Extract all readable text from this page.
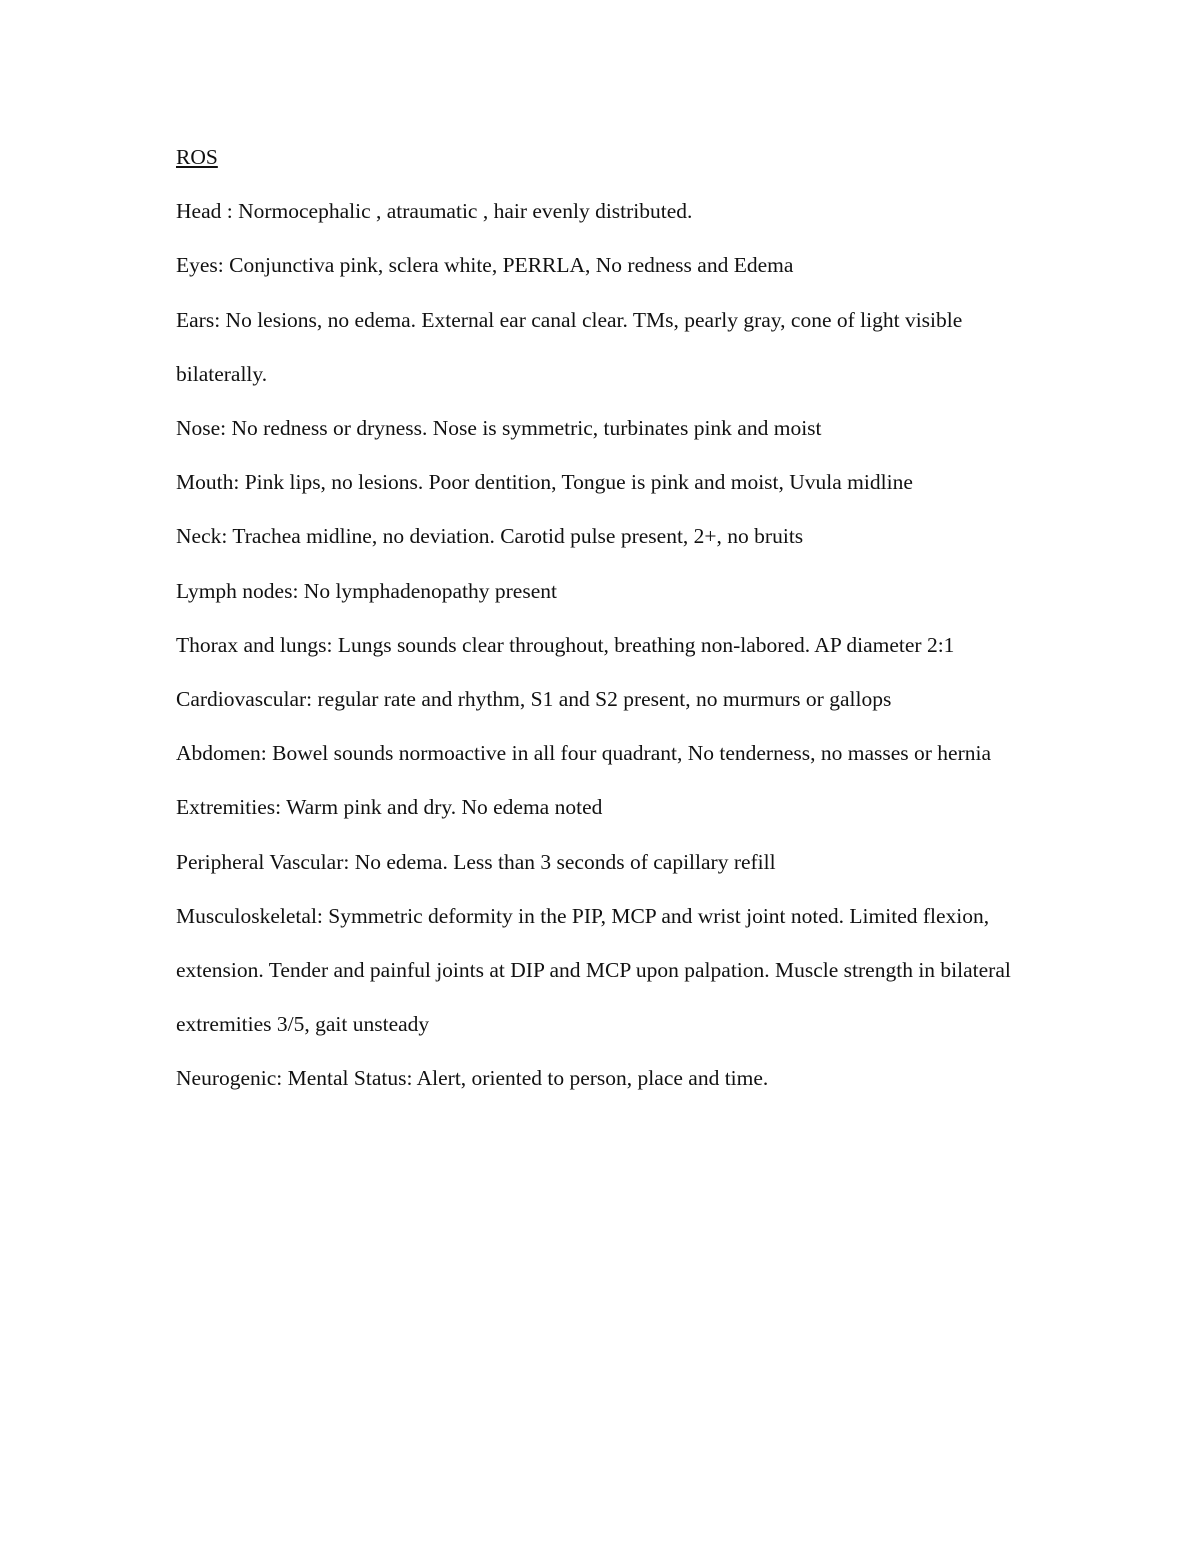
ROS

Head : Normocephalic , atraumatic , hair evenly distributed.

Eyes: Conjunctiva pink, sclera white, PERRLA, No redness and Edema

Ears: No lesions, no edema. External ear canal clear. TMs, pearly gray, cone of light visible bilaterally.

Nose: No redness or dryness. Nose is symmetric, turbinates pink and moist

Mouth: Pink lips, no lesions. Poor dentition, Tongue is pink and moist, Uvula midline

Neck: Trachea midline, no deviation. Carotid pulse present, 2+, no bruits

Lymph nodes: No lymphadenopathy present

Thorax and lungs: Lungs sounds clear throughout, breathing non-labored. AP diameter 2:1

Cardiovascular: regular rate and rhythm, S1 and S2 present, no murmurs or gallops

Abdomen: Bowel sounds normoactive in all four quadrant, No tenderness, no masses or hernia

Extremities: Warm pink and dry. No edema noted

Peripheral Vascular: No edema. Less than 3 seconds of capillary refill

Musculoskeletal: Symmetric deformity in the PIP, MCP and wrist joint noted. Limited flexion, extension. Tender and painful joints at DIP and MCP upon palpation. Muscle strength in bilateral extremities 3/5, gait unsteady

Neurogenic: Mental Status: Alert, oriented to person, place and time.
